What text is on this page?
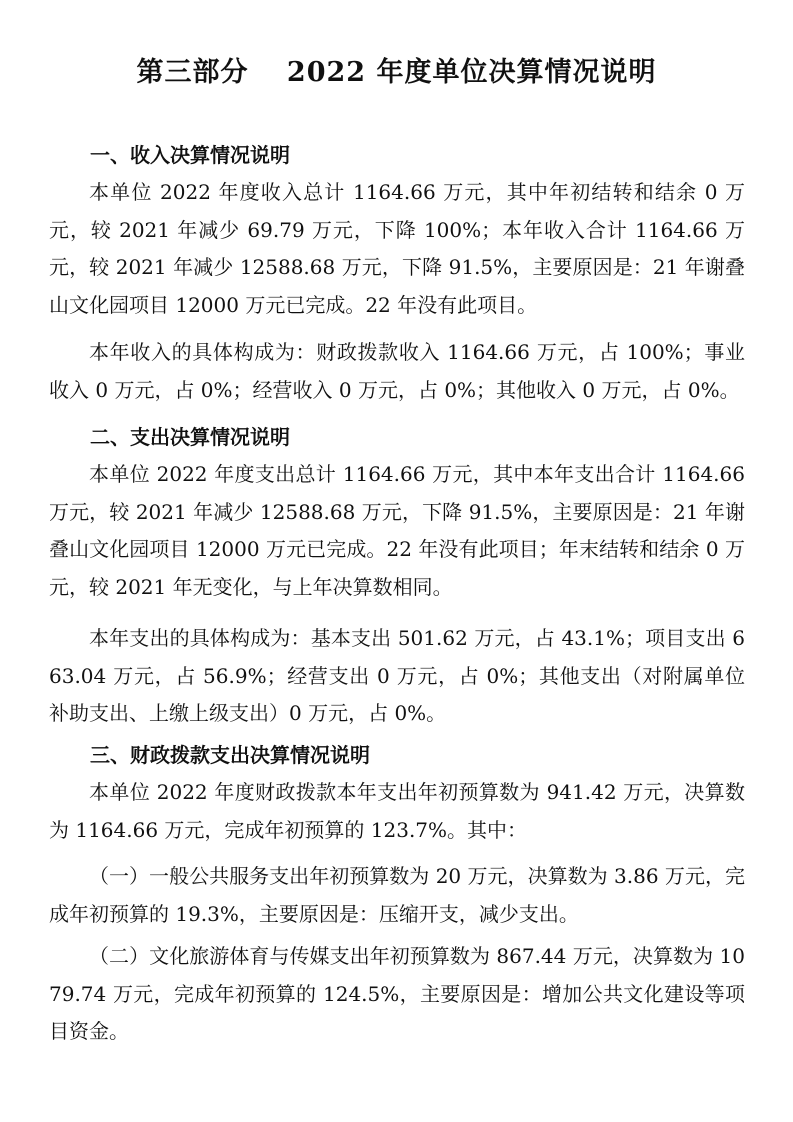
第三部分　 2022 年度单位决算情况说明
一、收入决算情况说明

本单位 2022 年度收入总计 1164.66 万元，其中年初结转和结余 0 万元，较 2021 年减少 69.79 万元，下降 100%；本年收入合计 1164.66 万元，较 2021 年减少 12588.68 万元，下降 91.5%，主要原因是：21 年谢叠山文化园项目 12000 万元已完成。22 年没有此项目。

本年收入的具体构成为：财政拨款收入 1164.66 万元，占 100%；事业收入 0 万元，占 0%；经营收入 0 万元，占 0%；其他收入 0 万元，占 0%。

二、支出决算情况说明

本单位 2022 年度支出总计 1164.66 万元，其中本年支出合计 1164.66 万元，较 2021 年减少 12588.68 万元，下降 91.5%，主要原因是：21 年谢叠山文化园项目 12000 万元已完成。22 年没有此项目；年末结转和结余 0 万元，较 2021 年无变化，与上年决算数相同。

本年支出的具体构成为：基本支出 501.62 万元，占 43.1%；项目支出 663.04 万元，占 56.9%；经营支出 0 万元，占 0%；其他支出（对附属单位补助支出、上缴上级支出）0 万元，占 0%。

三、财政拨款支出决算情况说明

本单位 2022 年度财政拨款本年支出年初预算数为 941.42 万元，决算数为 1164.66 万元，完成年初预算的 123.7%。其中：

（一）一般公共服务支出年初预算数为 20 万元，决算数为 3.86 万元，完成年初预算的 19.3%，主要原因是：压缩开支，减少支出。

（二）文化旅游体育与传媒支出年初预算数为 867.44 万元，决算数为 1079.74 万元，完成年初预算的 124.5%，主要原因是：增加公共文化建设等项目资金。
